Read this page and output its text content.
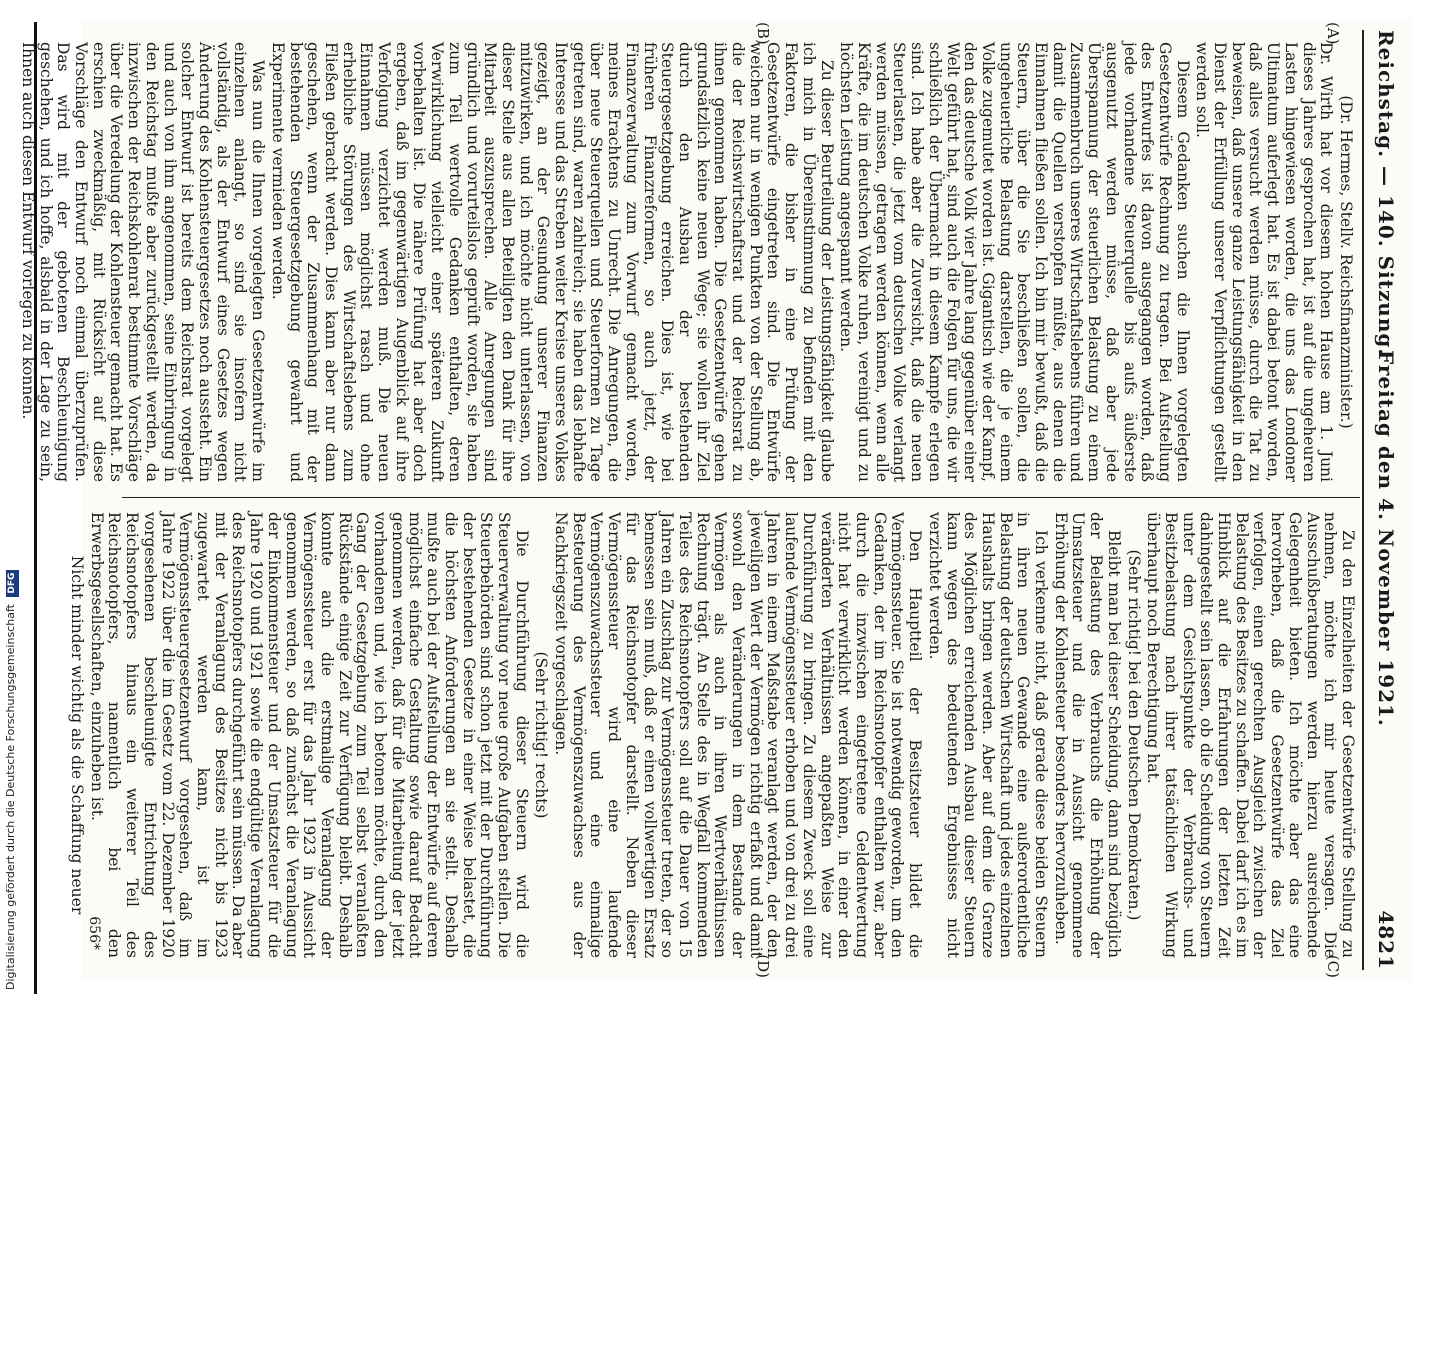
Digitalisierung gefördert durch die Deutsche Forschungsgemeinschaft DFG
Reichstag. — 140. Sitzung.
Freitag den 4. November 1921.
4821
(A)
(B)
(C)
(D)

(Dr. Hermes, Stellv. Reichsfinanzminister.)

Dr. Wirth hat vor diesem hohen Hause am 1. Juni dieses Jahres gesprochen hat, ist auf die ungeheuren Lasten hingewiesen worden, die uns das Londoner Ultimatum auferlegt hat. Es ist dabei betont worden, daß alles versucht werden müsse, durch die Tat zu beweisen, daß unsere ganze Leistungsfähigkeit in den Dienst der Erfüllung unserer Verpflichtungen gestellt werden soll.

Diesem Gedanken suchen die Ihnen vorgelegten Gesetzentwürfe Rechnung zu tragen. Bei Aufstellung des Entwurfes ist davon ausgegangen worden, daß jede vorhandene Steuerquelle bis aufs äußerste ausgenutzt werden müsse, daß aber jede Überspannung der steuerlichen Belastung zu einem Zusammenbruch unseres Wirtschaftslebens führen und damit die Quellen verstopfen müßte, aus denen die Einnahmen fließen sollen. Ich bin mir bewußt, daß die Steuern, über die Sie beschließen sollen, die ungeheuerliche Belastung darstellen, die je einem Volke zugemutet worden ist. Gigantisch wie der Kampf, den das deutsche Volk vier Jahre lang gegenüber einer Welt geführt hat, sind auch die Folgen für uns, die wir schließlich der Übermacht in diesem Kampfe erlegen sind. Ich habe aber die Zuversicht, daß die neuen Steuerlasten, die jetzt vom deutschen Volke verlangt werden müssen, getragen werden können, wenn alle Kräfte, die im deutschen Volke ruhen, vereinigt und zu höchsten Leistung angespannt werden.

Zu dieser Beurteilung der Leistungsfähigkeit glaube ich mich in Übereinstimmung zu befinden mit den Faktoren, die bisher in eine Prüfung der Gesetzentwürfe eingetreten sind. Die Entwürfe weichen nur in wenigen Punkten von der Stellung ab, die der Reichswirtschaftsrat und der Reichsrat zu ihnen genommen haben. Die Gesetzentwürfe gehen grundsätzlich keine neuen Wege; sie wollen ihr Ziel durch den Ausbau der bestehenden Steuergesetzgebung erreichen. Dies ist, wie bei früheren Finanzreformen, so auch jetzt, der Finanzverwaltung zum Vorwurf gemacht worden, meines Erachtens zu Unrecht. Die Anregungen, die über neue Steuerquellen und Steuerformen zu Tage getreten sind, waren zahlreich; sie haben das lebhafte Interesse und das Streben weiter Kreise unseres Volkes gezeigt, an der Gesundung unserer Finanzen mitzuwirken, und ich möchte nicht unterlassen, von dieser Stelle aus allen Beteiligten den Dank für ihre Mitarbeit auszusprechen. Alle Anregungen sind gründlich und vorurteilslos geprüft worden, sie haben zum Teil wertvolle Gedanken enthalten, deren Verwirklichung vielleicht einer späteren Zukunft vorbehalten ist. Die nähere Prüfung hat aber doch ergeben, daß im gegenwärtigen Augenblick auf ihre Verfolgung verzichtet werden muß. Die neuen Einnahmen müssen möglichst rasch und ohne erhebliche Störungen des Wirtschaftslebens zum Fließen gebracht werden. Dies kann aber nur dann geschehen, wenn der Zusammenhang mit der bestehenden Steuergesetzgebung gewahrt und Experimente vermieden werden.

Was nun die Ihnen vorgelegten Gesetzentwürfe im einzelnen anlangt, so sind sie insofern nicht vollständig, als der Entwurf eines Gesetzes wegen Änderung des Kohlensteuergesetzes noch aussteht. Ein solcher Entwurf ist bereits dem Reichsrat vorgelegt und auch von ihm angenommen, seine Einbringung in den Reichstag mußte aber zurückgestellt werden, da inzwischen der Reichskohlenrat bestimmte Vorschläge über die Veredelung der Kohlensteuer gemacht hat. Es erschien zweckmäßig, mit Rücksicht auf diese Vorschläge den Entwurf noch einmal überzuprüfen. Das wird mit der gebotenen Beschleunigung geschehen, und ich hoffe, alsbald in der Lage zu sein, Ihnen auch diesen Entwurf vorlegen zu können.

Zu den Einzelheiten der Gesetzentwürfe Stellung zu nehmen, möchte ich mir heute versagen. Die Ausschußberatungen werden hierzu ausreichende Gelegenheit bieten. Ich möchte aber das eine hervorheben, daß die Gesetzentwürfe das Ziel verfolgen, einen gerechten Ausgleich zwischen der Belastung des Besitzes zu schaffen. Dabei darf ich es im Hinblick auf die Erfahrungen der letzten Zeit dahingestellt sein lassen, ob die Scheidung von Steuern unter dem Gesichtspunkte der Verbrauchs- und Besitzbelastung nach ihrer tatsächlichen Wirkung überhaupt noch Berechtigung hat.

(Sehr richtig! bei den Deutschen Demokraten.)

Bleibt man bei dieser Scheidung, dann sind bezüglich der Belastung des Verbrauchs die Erhöhung der Umsatzsteuer und die in Aussicht genommene Erhöhung der Kohlensteuer besonders hervorzuheben.

Ich verkenne nicht, daß gerade diese beiden Steuern in ihren neuen Gewande eine außerordentliche Belastung der deutschen Wirtschaft und jedes einzelnen Haushalts bringen werden. Aber auf dem die Grenze des Möglichen erreichenden Ausbau dieser Steuern kann wegen des bedeutenden Ergebnisses nicht verzichtet werden.

Den Hauptteil der Besitzsteuer bildet die Vermögenssteuer. Sie ist notwendig geworden, um den Gedanken, der im Reichsnotopfer enthalten war, aber durch die inzwischen eingetretene Geldentwertung nicht hat verwirklicht werden können, in einer den veränderten Verhältnissen angepaßten Weise zur Durchführung zu bringen. Zu diesem Zweck soll eine laufende Vermögenssteuer erhoben und von drei zu drei Jahren in einem Maßstabe veranlagt werden, der den jeweiligen Wert der Vermögen richtig erfaßt und damit sowohl den Veränderungen in dem Bestande der Vermögen als auch in ihren Wertverhältnissen Rechnung trägt. An Stelle des in Wegfall kommenden Teiles des Reichsnotopfers soll auf die Dauer von 15 Jahren ein Zuschlag zur Vermögenssteuer treten, der so bemessen sein muß, daß er einen vollwertigen Ersatz für das Reichsnotopfer darstellt. Neben dieser Vermögenssteuer wird eine laufende Vermögenszuwachssteuer und eine einmalige Besteuerung des Vermögenszuwachses aus der Nachkriegszeit vorgeschlagen.

(Sehr richtig! rechts)

Die Durchführung dieser Steuern wird die Steuerverwaltung vor neue große Aufgaben stellen. Die Steuerbehörden sind schon jetzt mit der Durchführung der bestehenden Gesetze in einer Weise belastet, die die höchsten Anforderungen an sie stellt. Deshalb mußte auch bei der Aufstellung der Entwürfe auf deren möglichst einfache Gestaltung sowie darauf Bedacht genommen werden, daß für die Mitarbeitung der jetzt vorhandenen und, wie ich betonen möchte, durch den Gang der Gesetzgebung zum Teil selbst veranlaßten Rückstände einige Zeit zur Verfügung bleibt. Deshalb konnte auch die erstmalige Veranlagung der Vermögenssteuer erst für das Jahr 1923 in Aussicht genommen werden, so daß zunächst die Veranlagung der Einkommensteuer und der Umsatzsteuer für die Jahre 1920 und 1921 sowie die endgültige Veranlagung des Reichsnotopfers durchgeführt sein müssen. Da aber mit der Veranlagung des Besitzes nicht bis 1923 zugewartet werden kann, ist im Vermögenssteuergesetzentwurf vorgesehen, daß im Jahre 1922 über die im Gesetz vom 22. Dezember 1920 vorgesehenen beschleunigte Entrichtung des Reichsnotopfers hinaus ein weiterer Teil des Reichsnotopfers, namentlich bei den Erwerbsgesellschaften, einzuheben ist.

Nicht minder wichtig als die Schaffung neuer

656*
